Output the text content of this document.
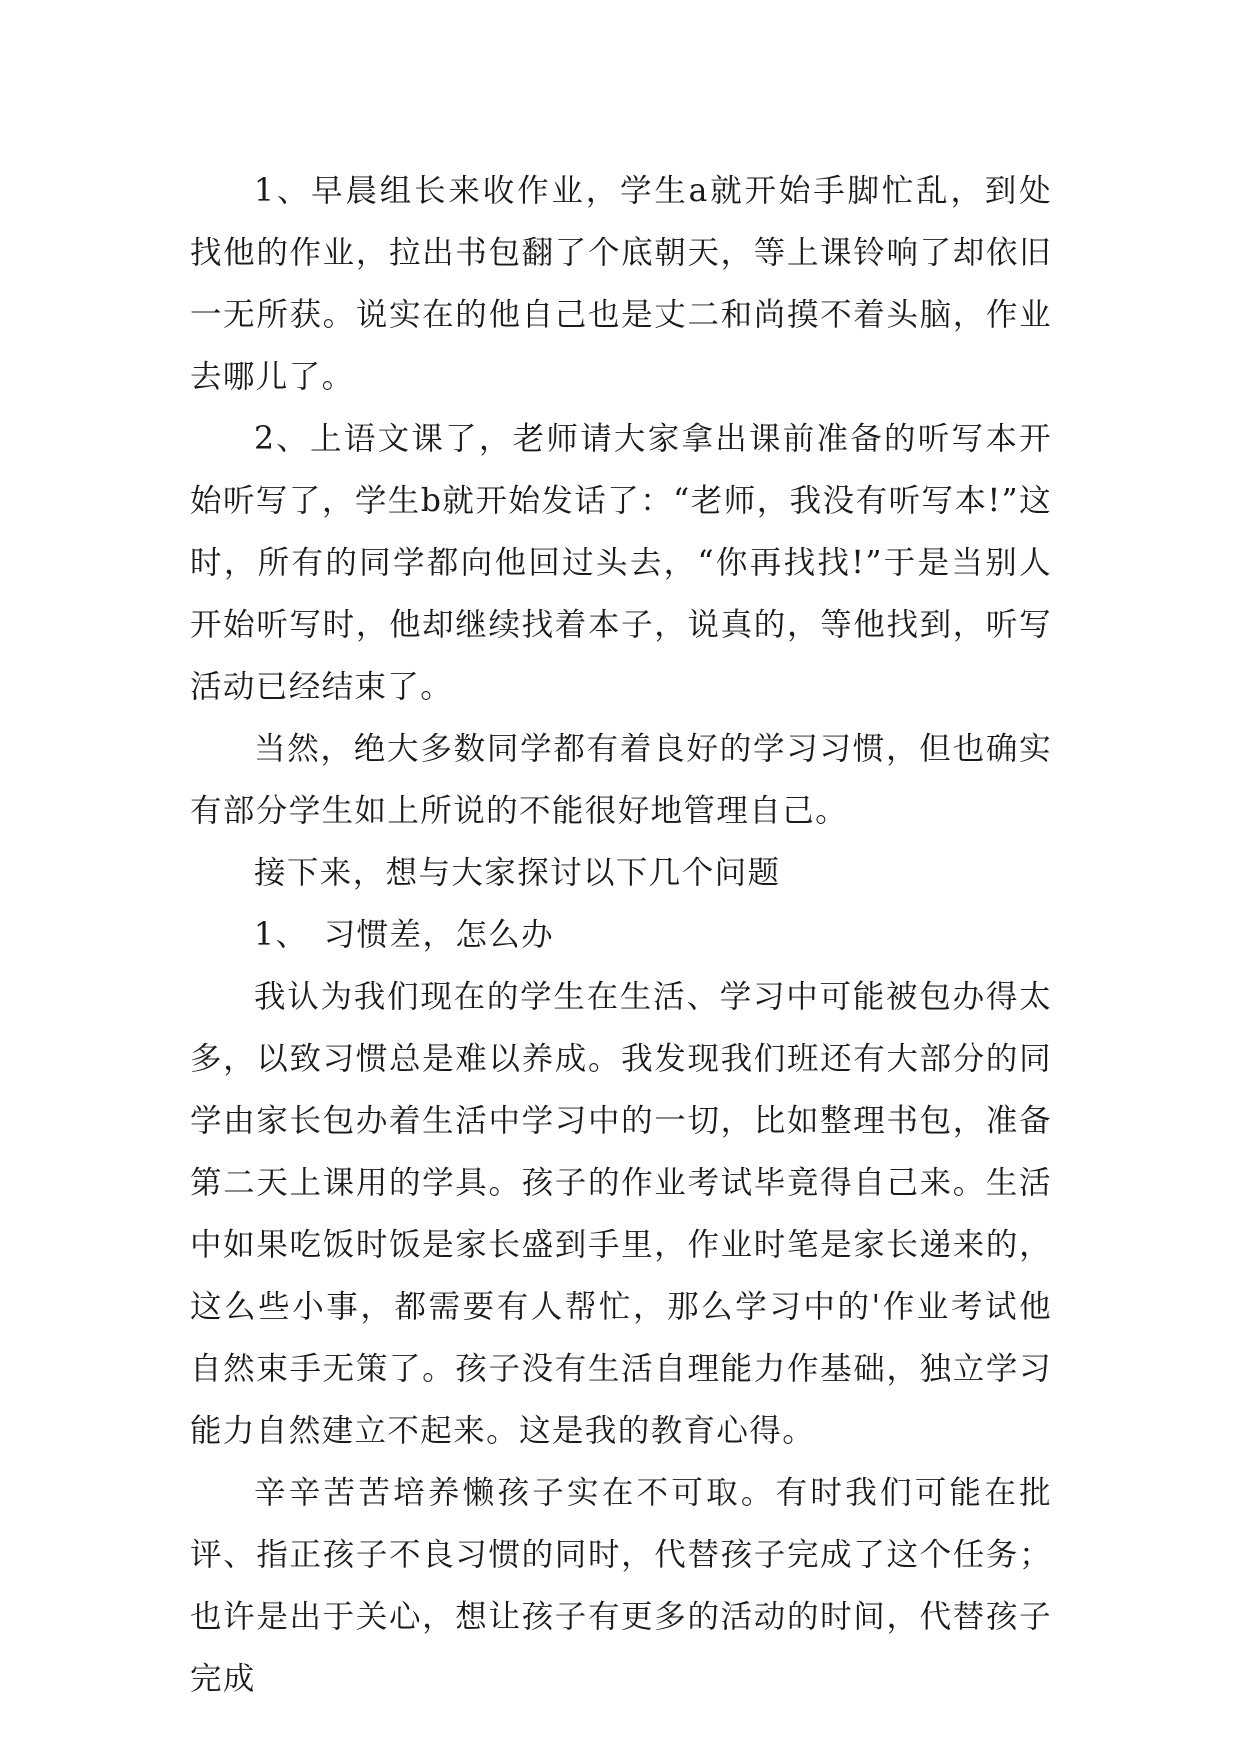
1、早晨组长来收作业，学生a就开始手脚忙乱，到处找他的作业，拉出书包翻了个底朝天，等上课铃响了却依旧一无所获。说实在的他自己也是丈二和尚摸不着头脑，作业去哪儿了。

2、上语文课了，老师请大家拿出课前准备的听写本开始听写了，学生b就开始发话了：“老师，我没有听写本!”这时，所有的同学都向他回过头去，“你再找找!”于是当别人开始听写时，他却继续找着本子，说真的，等他找到，听写活动已经结束了。

当然，绝大多数同学都有着良好的学习习惯，但也确实有部分学生如上所说的不能很好地管理自己。

接下来，想与大家探讨以下几个问题

1、 习惯差，怎么办

我认为我们现在的学生在生活、学习中可能被包办得太多，以致习惯总是难以养成。我发现我们班还有大部分的同学由家长包办着生活中学习中的一切，比如整理书包，准备第二天上课用的学具。孩子的作业考试毕竟得自己来。生活中如果吃饭时饭是家长盛到手里，作业时笔是家长递来的，这么些小事，都需要有人帮忙，那么学习中的'作业考试他自然束手无策了。孩子没有生活自理能力作基础，独立学习能力自然建立不起来。这是我的教育心得。

辛辛苦苦培养懒孩子实在不可取。有时我们可能在批评、指正孩子不良习惯的同时，代替孩子完成了这个任务；也许是出于关心，想让孩子有更多的活动的时间，代替孩子完成
